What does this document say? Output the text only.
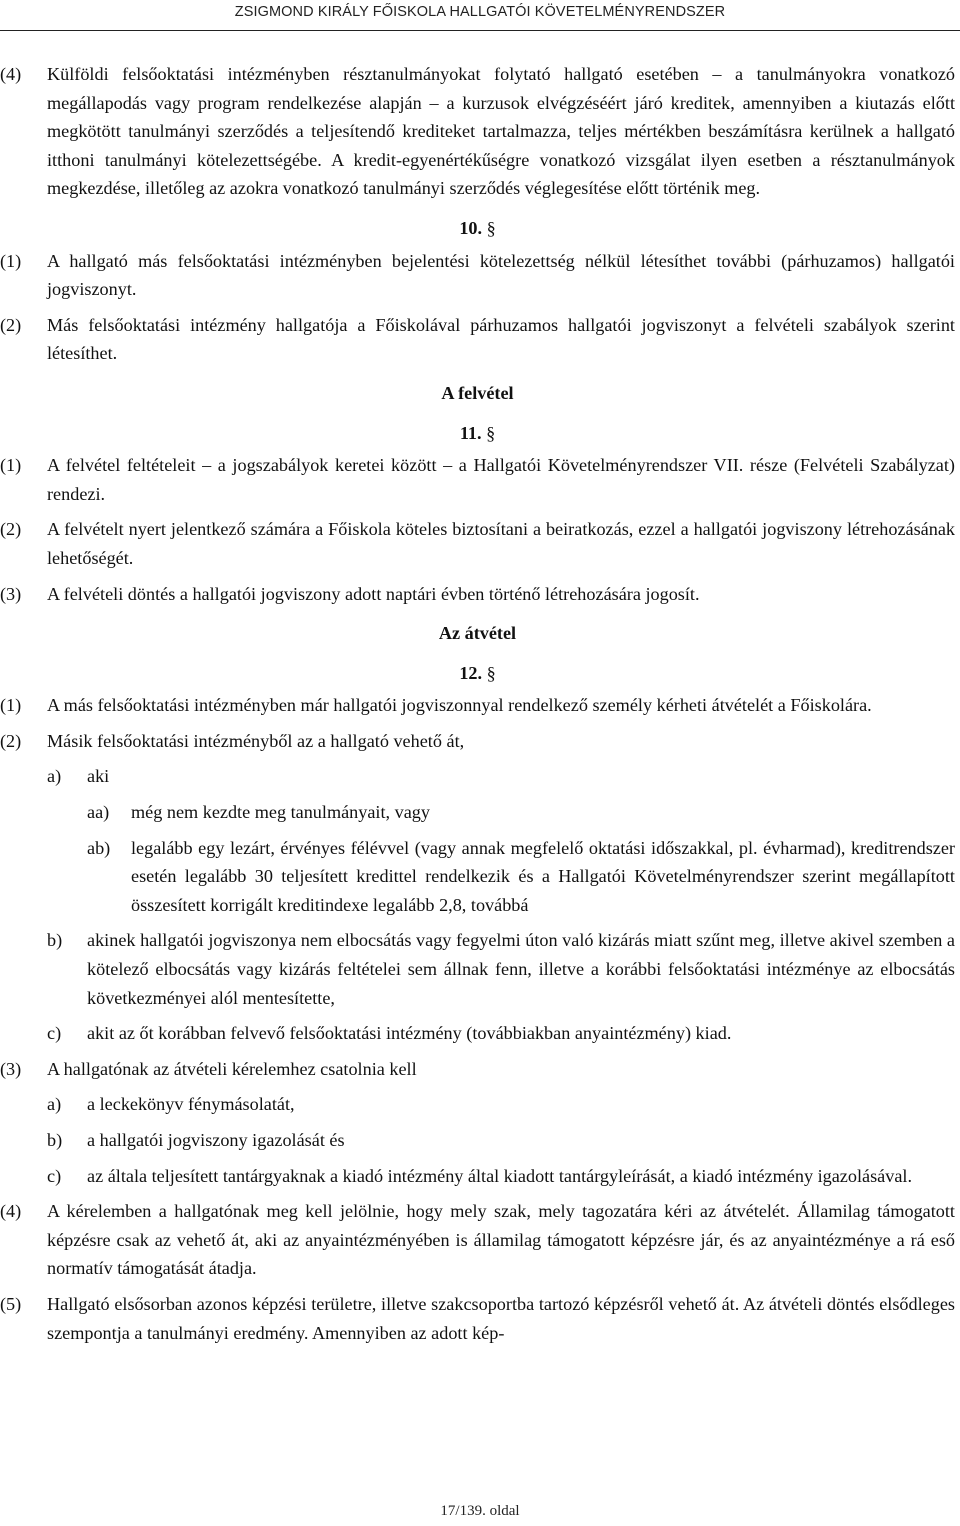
ZSIGMOND KIRÁLY FŐISKOLA HALLGATÓI KÖVETELMÉNYRENDSZER
(4) Külföldi felsőoktatási intézményben résztanulmányokat folytató hallgató esetében – a tanulmányokra vonatkozó megállapodás vagy program rendelkezése alapján – a kurzusok elvégzéséért járó kreditek, amennyiben a kiutazás előtt megkötött tanulmányi szerződés a teljesítendő krediteket tartalmazza, teljes mértékben beszámításra kerülnek a hallgató itthoni tanulmányi kötelezettségébe. A kredit-egyenértékűségre vonatkozó vizsgálat ilyen esetben a résztanulmányok megkezdése, illetőleg az azokra vonatkozó tanulmányi szerződés véglegesítése előtt történik meg.
10. §
(1) A hallgató más felsőoktatási intézményben bejelentési kötelezettség nélkül létesíthet további (párhuzamos) hallgatói jogviszonyt.
(2) Más felsőoktatási intézmény hallgatója a Főiskolával párhuzamos hallgatói jogviszonyt a felvételi szabályok szerint létesíthet.
A felvétel
11. §
(1) A felvétel feltételeit – a jogszabályok keretei között – a Hallgatói Követelményrendszer VII. része (Felvételi Szabályzat) rendezi.
(2) A felvételt nyert jelentkező számára a Főiskola köteles biztosítani a beiratkozás, ezzel a hallgatói jogviszony létrehozásának lehetőségét.
(3) A felvételi döntés a hallgatói jogviszony adott naptári évben történő létrehozására jogosít.
Az átvétel
12. §
(1) A más felsőoktatási intézményben már hallgatói jogviszonnyal rendelkező személy kérheti átvételét a Főiskolára.
(2) Másik felsőoktatási intézményből az a hallgató vehető át,
a) aki
aa) még nem kezdte meg tanulmányait, vagy
ab) legalább egy lezárt, érvényes félévvel (vagy annak megfelelő oktatási időszakkal, pl. évharmad), kreditrendszer esetén legalább 30 teljesített kredittel rendelkezik és a Hallgatói Követelményrendszer szerint megállapított összesített korrigált kreditindexe legalább 2,8, továbbá
b) akinek hallgatói jogviszonya nem elbocsátás vagy fegyelmi úton való kizárás miatt szűnt meg, illetve akivel szemben a kötelező elbocsátás vagy kizárás feltételei sem állnak fenn, illetve a korábbi felsőoktatási intézménye az elbocsátás következményei alól mentesítette,
c) akit az őt korábban felvevő felsőoktatási intézmény (továbbiakban anyaintézmény) kiad.
(3) A hallgatónak az átvételi kérelemhez csatolnia kell
a) a leckekönyv fénymásolatát,
b) a hallgatói jogviszony igazolását és
c) az általa teljesített tantárgyaknak a kiadó intézmény által kiadott tantárgyleírását, a kiadó intézmény igazolásával.
(4) A kérelemben a hallgatónak meg kell jelölnie, hogy mely szak, mely tagozatára kéri az átvételét. Államilag támogatott képzésre csak az vehető át, aki az anyaintézményében is államilag támogatott képzésre jár, és az anyaintézménye a rá eső normatív támogatását átadja.
(5) Hallgató elsősorban azonos képzési területre, illetve szakcsoportba tartozó képzésről vehető át. Az átvételi döntés elsődleges szempontja a tanulmányi eredmény. Amennyiben az adott kép-
17/139. oldal
